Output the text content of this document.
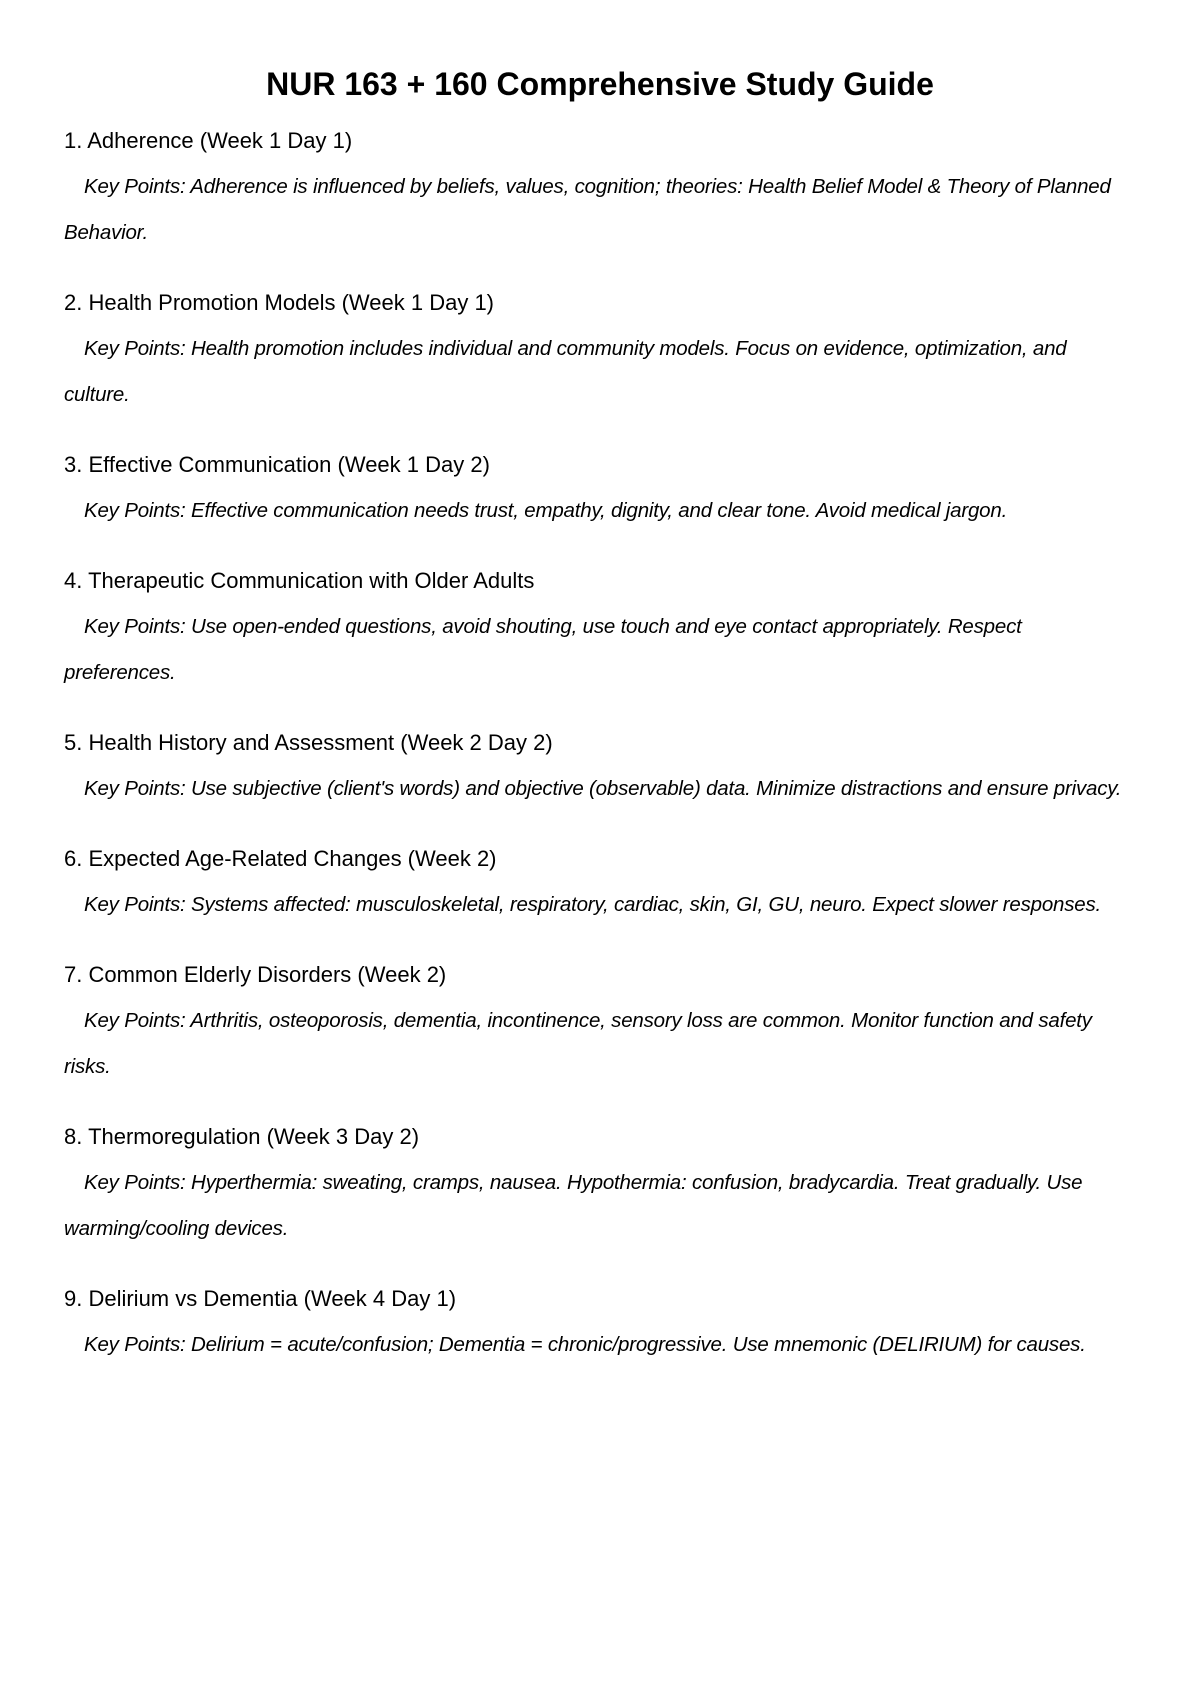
NUR 163 + 160 Comprehensive Study Guide
1. Adherence (Week 1 Day 1)

Key Points: Adherence is influenced by beliefs, values, cognition; theories: Health Belief Model & Theory of Planned Behavior.

2. Health Promotion Models (Week 1 Day 1)

Key Points: Health promotion includes individual and community models. Focus on evidence, optimization, and culture.

3. Effective Communication (Week 1 Day 2)

Key Points: Effective communication needs trust, empathy, dignity, and clear tone. Avoid medical jargon.

4. Therapeutic Communication with Older Adults

Key Points: Use open-ended questions, avoid shouting, use touch and eye contact appropriately. Respect preferences.

5. Health History and Assessment (Week 2 Day 2)

Key Points: Use subjective (client's words) and objective (observable) data. Minimize distractions and ensure privacy.

6. Expected Age-Related Changes (Week 2)

Key Points: Systems affected: musculoskeletal, respiratory, cardiac, skin, GI, GU, neuro. Expect slower responses.

7. Common Elderly Disorders (Week 2)

Key Points: Arthritis, osteoporosis, dementia, incontinence, sensory loss are common. Monitor function and safety risks.

8. Thermoregulation (Week 3 Day 2)

Key Points: Hyperthermia: sweating, cramps, nausea. Hypothermia: confusion, bradycardia. Treat gradually. Use warming/cooling devices.

9. Delirium vs Dementia (Week 4 Day 1)

Key Points: Delirium = acute/confusion; Dementia = chronic/progressive. Use mnemonic (DELIRIUM) for causes.
